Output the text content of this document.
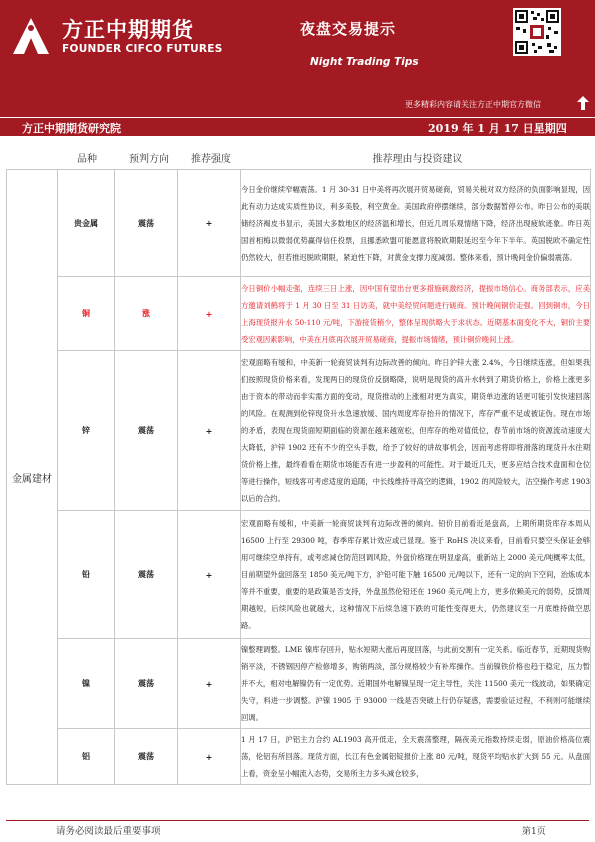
方正中期期货
FOUNDER CIFCO FUTURES
夜盘交易提示
Night Trading Tips
更多精彩内容请关注方正中期官方微信
方正中期期货研究院	2019 年 1 月 17 日星期四
品种	预判方向	推荐强度	推荐理由与投资建议
金属建材	贵金属	震荡	+	今日金价继续窄幅震荡。1 月 30-31 日中美将再次展开贸易磋商，贸易关税对双方经济的负面影响显现，因此有动力达成实质性协议，利多美股，利空黄金。美国政府停摆继续，部分数据暂停公布。昨日公布的美联储经济褐皮书显示，美国大多数地区的经济温和增长，但近几周乐观情绪下降，经济出现疲软迹象。昨日英国首相梅以微弱优势赢得信任投票，且挪悉欧盟可能愿意将脱欧期限延迟至今年下半年。英国脱欧不确定性仍然较大，但若推迟脱欧期限，紧迫性下降，对黄金支撑力度减弱。整体来看，预计晚间金价偏弱震荡。
	铜	涨	+	今日铜价小幅走强，连续三日上涨，因中国有望出台更多措施刺激经济，提振市场信心。商务部表示，应美方邀请刘鹤将于 1 月 30 日至 31 日访美，就中美经贸问题进行磋商。预计晚间铜价走强。回到铜市，今日上海现货报升水 50-110 元/吨，下游接货稍少，整体呈现供略大于求状态。近期基本面变化不大，铜价主要受宏观因素影响，中美在月底再次展开贸易磋商，提振市场情绪，预计铜价晚间上涨。
	锌	震荡	+	宏观面略有缓和，中美新一轮商贸谈判有边际改善的倾向。昨日沪锌大涨 2.4%，今日继续连涨，但如果我们按照现货价格来看，发现两日的现货价反倒略降，说明是现货的高升水转到了期货价格上，价格上涨更多由于资本的带动而非实需方面的变动，现货推动的上涨相对更为真实，期货单边涨的话更可能引发快速回落的风险。在观测到伦锌现货升水急速放缓、国内周度库存抬升的情况下，库存严重不足或被证伪。现在市场的矛盾，表现在现货面短期面临的资源在越来越宽松，但库存的绝对值低位，春节前市场的资源流动速度大大降低，沪锌 1902 还有不少的空头手数，给予了较好的讲故事机会，因而考虑将即将滑落的现货升水往期货价格上推，最终看看在期货市场能否有进一步盈利的可能性。对于最近几天，更多应结合技术盘面和仓位等进行操作，短线客可考虑适度的追随，中长线维持寻高空的逻辑，1902 的风险较大，沽空操作考虑 1903 以后的合约。
	铅	震荡	+	宏观面略有缓和，中美新一轮商贸谈判有边际改善的倾向。铅价目前看近是盘高，上期所期货库存本周从 16500 上行至 29300 吨，春季库存累计效应或已显现。鉴于 RoHS 决议来看，目前看只要空头保证金够用可继续空单持有，或考虑减仓防范回调风险，外盘价格现在明显虚高，重新站上 2000 美元/吨概率太低，目前期望外盘回落至 1850 美元/吨下方，沪铅可能下触 16500 元/吨以下，还有一定的向下空间，治炼成本等并不重要，重要的是政策是否支持，外盘虽然伦铅还在 1960 美元/吨上方，更多依赖美元的弱势，反馈周期越短，后续风险也就越大，这种情况下后续急速下跌的可能性变得更大，仍然建议至一月底维持做空思路。
	镍	震荡	+	镍整理调整。LME 镍库存回升，贴水短期大涨后再度回落，与此前交割有一定关系。临近春节，近期现货购销平淡，不锈钢因停产检修增多，购销两淡，部分规格较少有补库操作。当前镍铁价格也趋于稳定，压力暂并不大，相对电解镍仍有一定优势。近期国外电解镍呈现一定主导性，关注 11500 美元一线波动，如果确定失守，料进一步调整。沪镍 1905 于 93000 一线是否突破上行仍存疑惑，需要验证过程，不利则可能继续回调。
	铝	震荡	+	1 月 17 日，沪铝主力合约 AL1903 高开低走，全天震荡整理，隔夜美元指数持续走弱，原油价格高位震荡，伦铝有所回落。现货方面，长江有色金属铝锭报价上涨 80 元/吨，现货平均贴水扩大到 55 元。从盘面上看，资金呈小幅流入态势，交易所主力多头减仓较多，
请务必阅读最后重要事项	第1页
